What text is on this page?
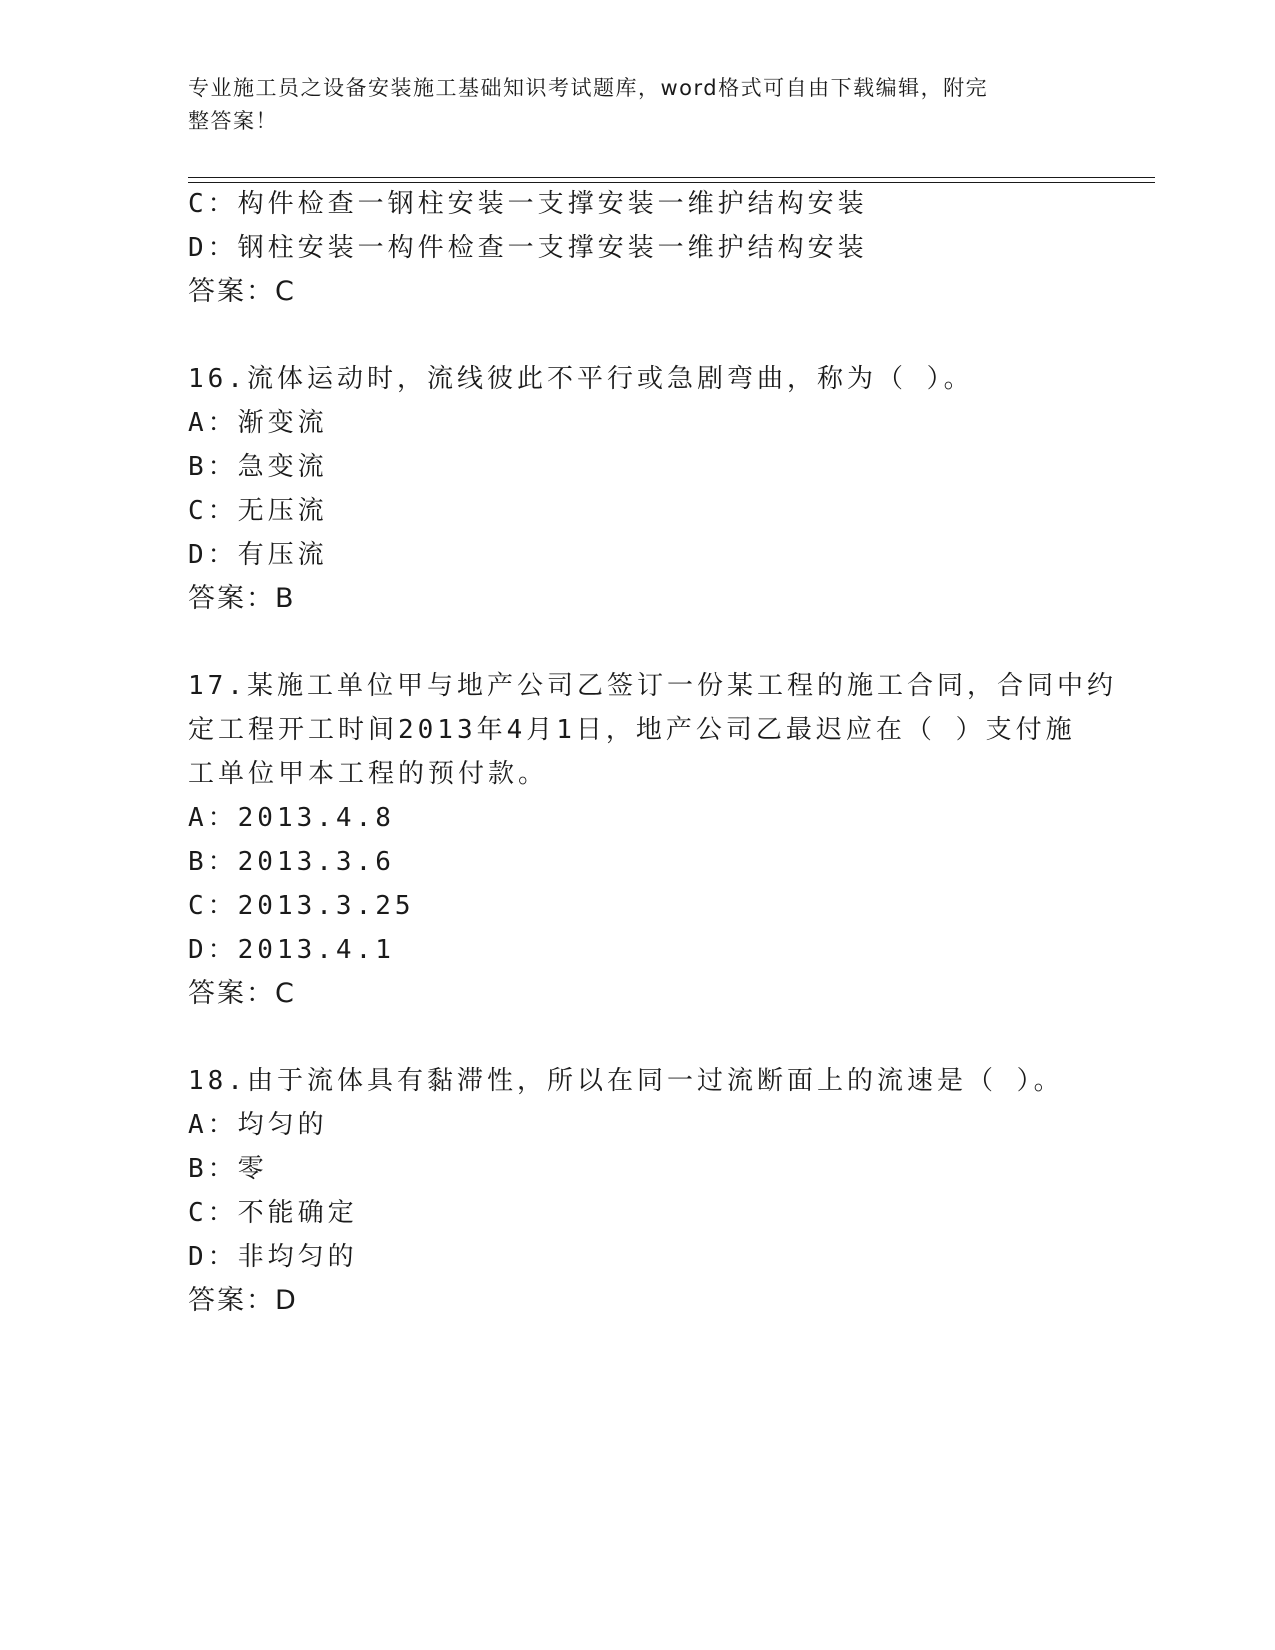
专业施工员之设备安装施工基础知识考试题库，word格式可自由下载编辑，附完
整答案！
C：构件检查一钢柱安装一支撑安装一维护结构安装
D：钢柱安装一构件检查一支撑安装一维护结构安装
答案：C
16.流体运动时，流线彼此不平行或急剧弯曲，称为（ ）。
A：渐变流
B：急变流
C：无压流
D：有压流
答案：B
17.某施工单位甲与地产公司乙签订一份某工程的施工合同，合同中约
定工程开工时间2013年4月1日，地产公司乙最迟应在（ ）支付施
工单位甲本工程的预付款。
A：2013.4.8
B：2013.3.6
C：2013.3.25
D：2013.4.1
答案：C
18.由于流体具有黏滞性，所以在同一过流断面上的流速是（ ）。
A：均匀的
B：零
C：不能确定
D：非均匀的
答案：D
